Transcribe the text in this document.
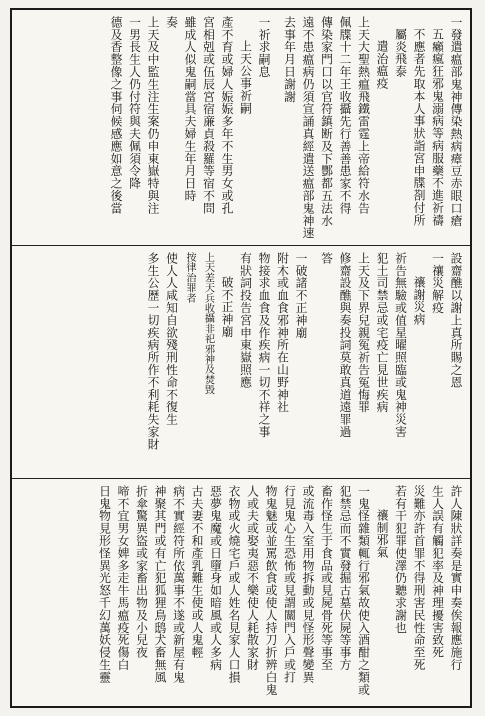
一發遣瘟部鬼神傳染熱病瘴豆赤眼口瘡
五癩瘋狂邪鬼溺病等病服藥不進祈禱
不應者先取本人事狀詣宮申牒剳付所
屬炎飛泰
遣治瘟疫
上天大聖熱瘟飛鐵雷霆上帝給符水告
佩牒十二年王收攝先行善善患家不得
傳染家門口以官符鎮断及下酆都五法水
遠不患瘟病仍須宣誦真經遣送瘟部鬼神速
去事年月日謝謝
一祈求嗣息
上天公事祈嗣
產不育或婦人娠娠多年不生男女或孔
宮相剋或伍辰宮宿亷貞殺羅等宿不問
雖成人似鬼嗣當具夫婦生年月日時
奏
上天及中監生注生案仍申東嶽特與注
一男長生人仍付符與夫佩須令降
德及香整像之事伺候感應如意之後當
設齋醮以謝上真所賜之恩
一禳災解疫
禳謝災病
祈告無驗或值星曜照臨或鬼神災害
犯土司禁忌或宅疫亡見世疾病
上天及下界兒親冤祈告冤悔罪
修齋設醮與奏投詞莫敢真道遠罪過
答
一破諸不正神廟
附木或血食邪神所在山野神社
物接求血食及作疾病一切不祥之事
有狀詞投告宮申東嶽照應
破不正神廟
上天差天兵收攝非祀邪神及焚毀
按律治罪者
使人人咸知自欲殘刑性命不復生
多生公歷一切疾病所作不利耗失家財
許人陳狀詳奏是實申奏俟報應施行
生人誤有觸犯率及神理擾害致死
災難亦許首罪不得刑害民性命至死
若有干犯罪使澤仍聽求謝也
禳制邪氣
一鬼怪雜類輒行邪氣故使入酒酣之類或
犯禁忌而不實發掘古墓伏屍等事方
畜作怪生于食品或見屍骨死等事至
或流毒入室用物拆動或見怪形聲變異
行見鬼心生恐怖或見謂關門入戶或打
物鬼魅或並罵飲食或使人持刀折辨白鬼
人或夫或娶夷惡不樂使人耗散家財
衣物或火燒宅戶或人姓名見家人口損
惡夢鬼魔或日墮身如暗風或人多病
古夫妻不和產乳難生使或人鬼輕
病不實經符所依萬事不遂或新屋有鬼
神聚其門或有亡犯狐狸鳥鸱犬畜無風
折傘驚異盜或家畜出物及小兒夜
啼不宜男女婢多走牛馬瘟疫死傷白
日鬼物見形怪異光怒千幻萬妖侵生靈
